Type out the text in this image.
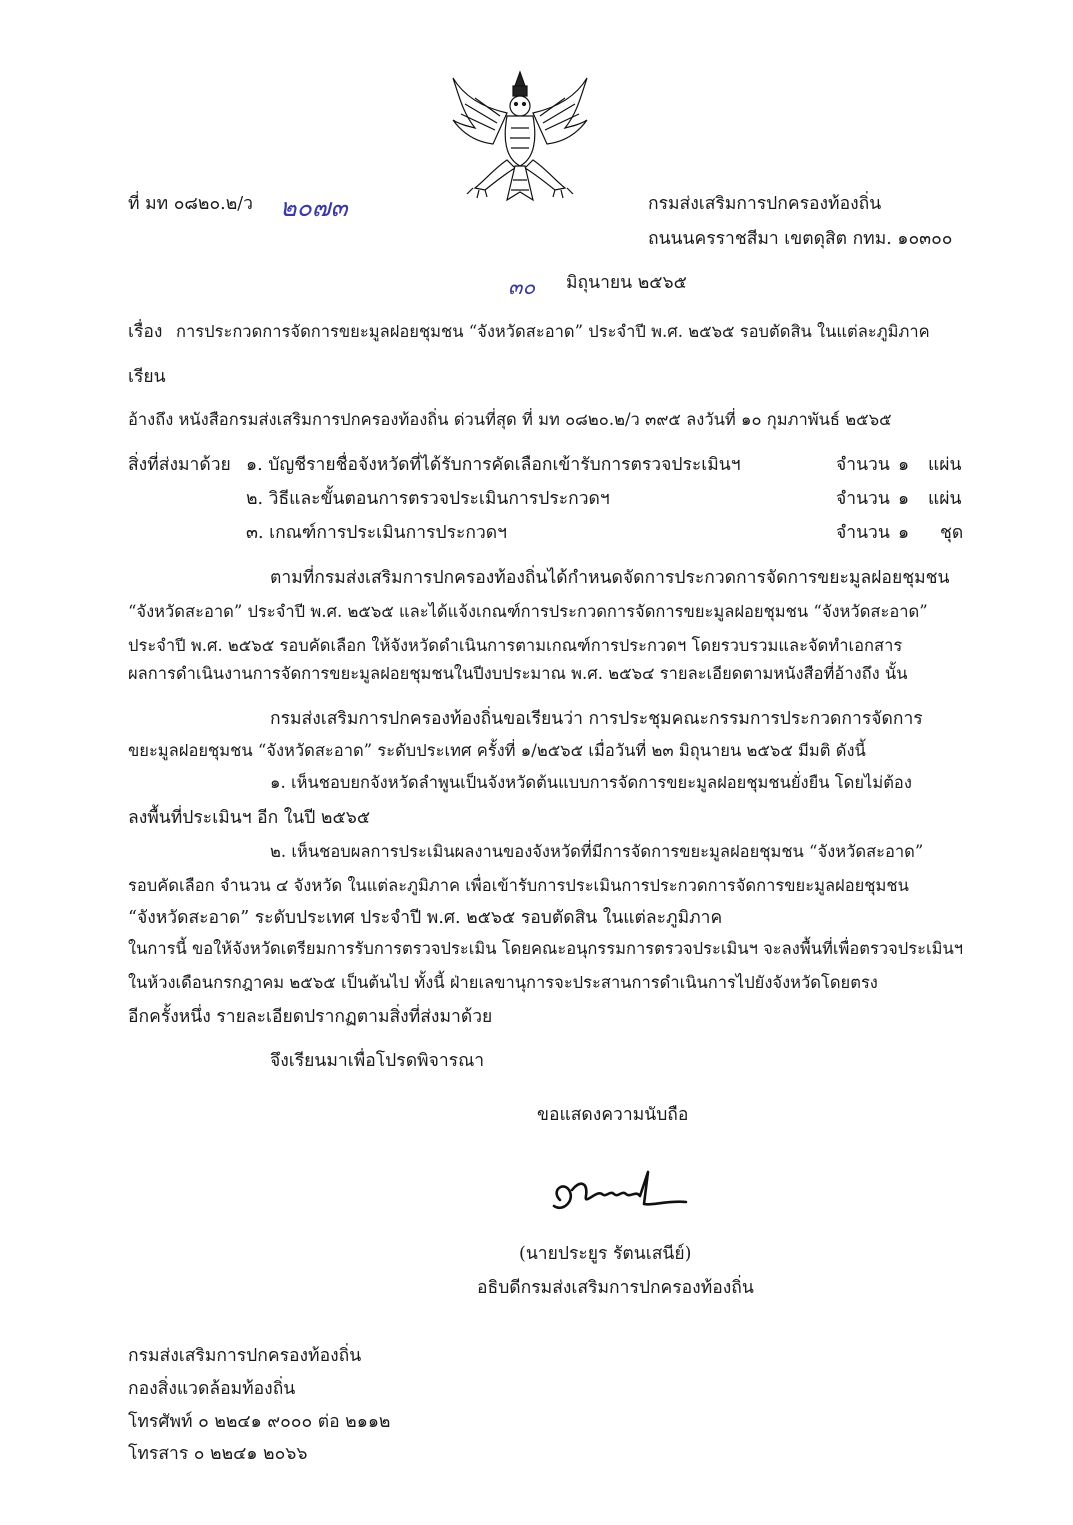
ที่ มท ๐๘๒๐.๒/ว ๒๐๗๓	กรมส่งเสริมการปกครองท้องถิ่น
ถนนนครราชสีมา เขตดุสิต กทม. ๑๐๓๐๐
๓๐ มิถุนายน ๒๕๖๕
เรื่อง การประกวดการจัดการขยะมูลฝอยชุมชน “จังหวัดสะอาด” ประจำปี พ.ศ. ๒๕๖๕ รอบตัดสิน ในแต่ละภูมิภาค
เรียน
อ้างถึง หนังสือกรมส่งเสริมการปกครองท้องถิ่น ด่วนที่สุด ที่ มท ๐๘๒๐.๒/ว ๓๙๕ ลงวันที่ ๑๐ กุมภาพันธ์ ๒๕๖๕
สิ่งที่ส่งมาด้วย ๑. บัญชีรายชื่อจังหวัดที่ได้รับการคัดเลือกเข้ารับการตรวจประเมินฯ	จำนวน ๑ แผ่น
๒. วิธีและขั้นตอนการตรวจประเมินการประกวดฯ	จำนวน ๑ แผ่น
๓. เกณฑ์การประเมินการประกวดฯ	จำนวน ๑ ชุด
ตามที่กรมส่งเสริมการปกครองท้องถิ่นได้กำหนดจัดการประกวดการจัดการขยะมูลฝอยชุมชน
“จังหวัดสะอาด” ประจำปี พ.ศ. ๒๕๖๕ และได้แจ้งเกณฑ์การประกวดการจัดการขยะมูลฝอยชุมชน “จังหวัดสะอาด”
ประจำปี พ.ศ. ๒๕๖๕ รอบคัดเลือก ให้จังหวัดดำเนินการตามเกณฑ์การประกวดฯ โดยรวบรวมและจัดทำเอกสาร
ผลการดำเนินงานการจัดการขยะมูลฝอยชุมชนในปีงบประมาณ พ.ศ. ๒๕๖๔ รายละเอียดตามหนังสือที่อ้างถึง นั้น
กรมส่งเสริมการปกครองท้องถิ่นขอเรียนว่า การประชุมคณะกรรมการประกวดการจัดการ
ขยะมูลฝอยชุมชน “จังหวัดสะอาด” ระดับประเทศ ครั้งที่ ๑/๒๕๖๕ เมื่อวันที่ ๒๓ มิถุนายน ๒๕๖๕ มีมติ ดังนี้
๑. เห็นชอบยกจังหวัดลำพูนเป็นจังหวัดต้นแบบการจัดการขยะมูลฝอยชุมชนยั่งยืน โดยไม่ต้อง
ลงพื้นที่ประเมินฯ อีก ในปี ๒๕๖๕
๒. เห็นชอบผลการประเมินผลงานของจังหวัดที่มีการจัดการขยะมูลฝอยชุมชน “จังหวัดสะอาด”
รอบคัดเลือก จำนวน ๔ จังหวัด ในแต่ละภูมิภาค เพื่อเข้ารับการประเมินการประกวดการจัดการขยะมูลฝอยชุมชน
“จังหวัดสะอาด” ระดับประเทศ ประจำปี พ.ศ. ๒๕๖๕ รอบตัดสิน ในแต่ละภูมิภาค
ในการนี้ ขอให้จังหวัดเตรียมการรับการตรวจประเมิน โดยคณะอนุกรรมการตรวจประเมินฯ จะลงพื้นที่เพื่อตรวจประเมินฯ
ในห้วงเดือนกรกฎาคม ๒๕๖๕ เป็นต้นไป ทั้งนี้ ฝ่ายเลขานุการจะประสานการดำเนินการไปยังจังหวัดโดยตรง
อีกครั้งหนึ่ง รายละเอียดปรากฏตามสิ่งที่ส่งมาด้วย
จึงเรียนมาเพื่อโปรดพิจารณา
ขอแสดงความนับถือ
(นายประยูร รัตนเสนีย์)
อธิบดีกรมส่งเสริมการปกครองท้องถิ่น
กรมส่งเสริมการปกครองท้องถิ่น
กองสิ่งแวดล้อมท้องถิ่น
โทรศัพท์ ๐ ๒๒๔๑ ๙๐๐๐ ต่อ ๒๑๑๒
โทรสาร ๐ ๒๒๔๑ ๒๐๖๖
